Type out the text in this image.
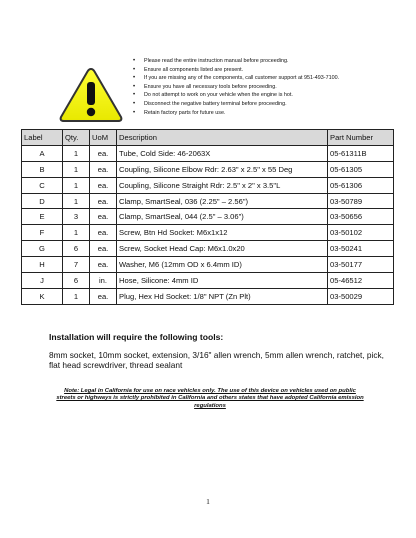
• Please read the entire instruction manual before proceeding.
• Ensure all components listed are present.
• If you are missing any of the components, call customer support at 951-493-7100.
• Ensure you have all necessary tools before proceeding.
• Do not attempt to work on your vehicle when the engine is hot.
• Disconnect the negative battery terminal before proceeding.
• Retain factory parts for future use.
Label	Qty.	UoM	Description	Part Number
A	1	ea.	Tube, Cold Side: 46-2063X	05-61311B
B	1	ea.	Coupling, Silicone Elbow Rdr: 2.63" x 2.5" x 55 Deg	05-61305
C	1	ea.	Coupling, Silicone Straight Rdr: 2.5" x 2" x 3.5"L	05-61306
D	1	ea.	Clamp, SmartSeal, 036 (2.25" – 2.56")	03-50789
E	3	ea.	Clamp, SmartSeal, 044 (2.5" – 3.06")	03-50656
F	1	ea.	Screw, Btn Hd Socket: M6x1x12	03-50102
G	6	ea.	Screw, Socket Head Cap: M6x1.0x20	03-50241
H	7	ea.	Washer, M6 (12mm OD x 6.4mm ID)	03-50177
J	6	in.	Hose, Silicone: 4mm ID	05-46512
K	1	ea.	Plug, Hex Hd Socket: 1/8" NPT (Zn Plt)	03-50029
Installation will require the following tools:
8mm socket, 10mm socket, extension, 3/16" allen wrench, 5mm allen wrench, ratchet, pick, flat head screwdriver, thread sealant
Note: Legal in California for use on race vehicles only. The use of this device on vehicles used on public streets or highways is strictly prohibited in California and others states that have adopted California emission regulations
1
